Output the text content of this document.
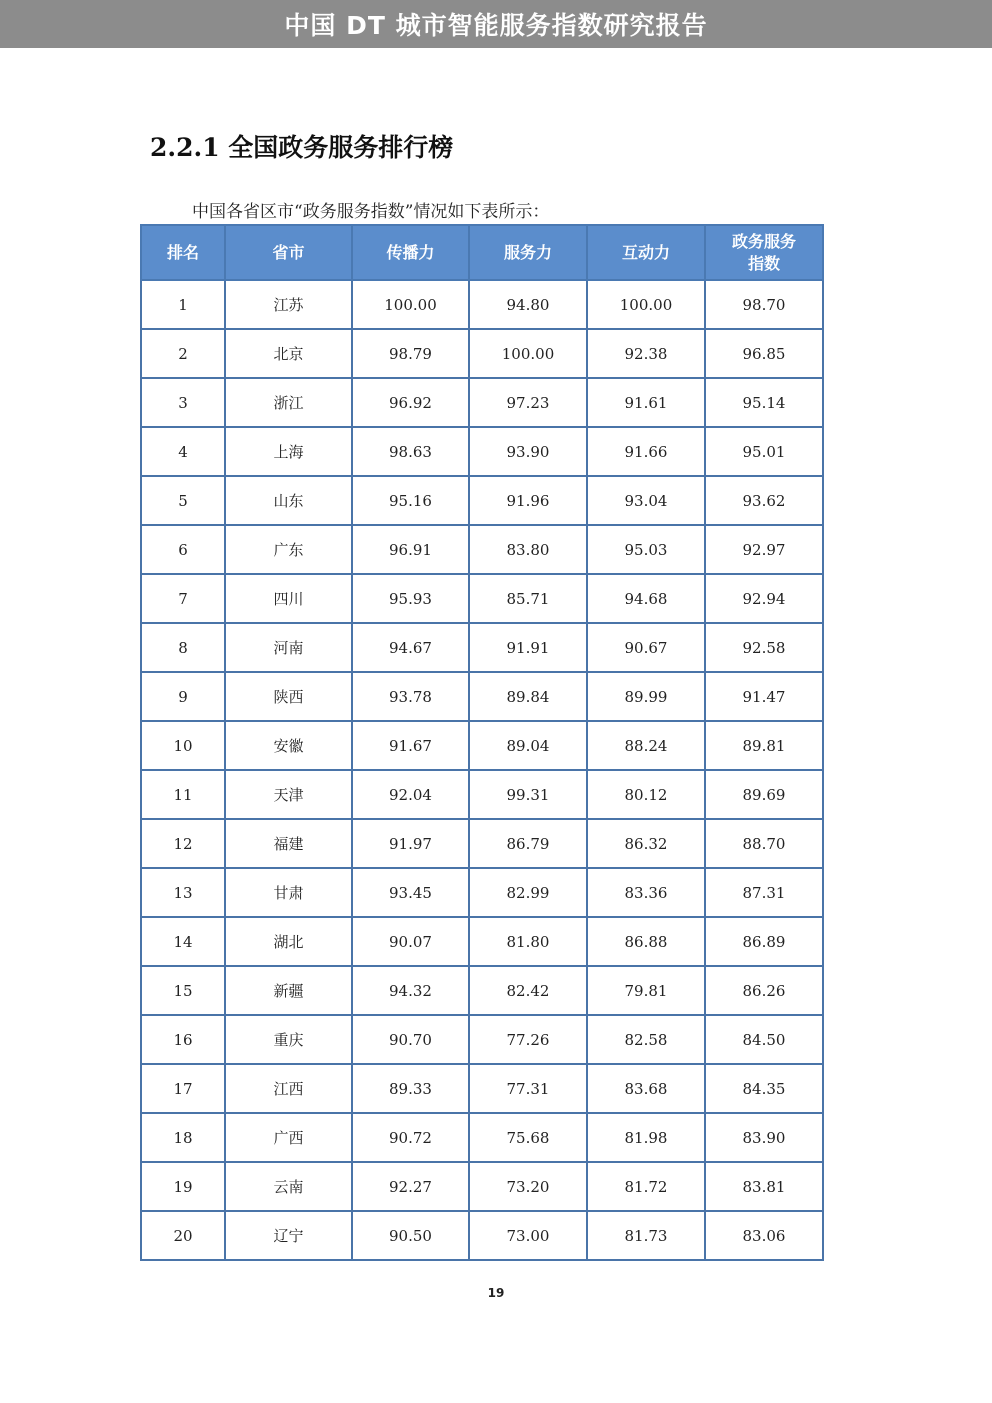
中国 DT 城市智能服务指数研究报告
2.2.1 全国政务服务排行榜
中国各省区市“政务服务指数”情况如下表所示：
排名	省市	传播力	服务力	互动力	政务服务
指数
1	江苏	100.00	94.80	100.00	98.70
2	北京	98.79	100.00	92.38	96.85
3	浙江	96.92	97.23	91.61	95.14
4	上海	98.63	93.90	91.66	95.01
5	山东	95.16	91.96	93.04	93.62
6	广东	96.91	83.80	95.03	92.97
7	四川	95.93	85.71	94.68	92.94
8	河南	94.67	91.91	90.67	92.58
9	陕西	93.78	89.84	89.99	91.47
10	安徽	91.67	89.04	88.24	89.81
11	天津	92.04	99.31	80.12	89.69
12	福建	91.97	86.79	86.32	88.70
13	甘肃	93.45	82.99	83.36	87.31
14	湖北	90.07	81.80	86.88	86.89
15	新疆	94.32	82.42	79.81	86.26
16	重庆	90.70	77.26	82.58	84.50
17	江西	89.33	77.31	83.68	84.35
18	广西	90.72	75.68	81.98	83.90
19	云南	92.27	73.20	81.72	83.81
20	辽宁	90.50	73.00	81.73	83.06
19
